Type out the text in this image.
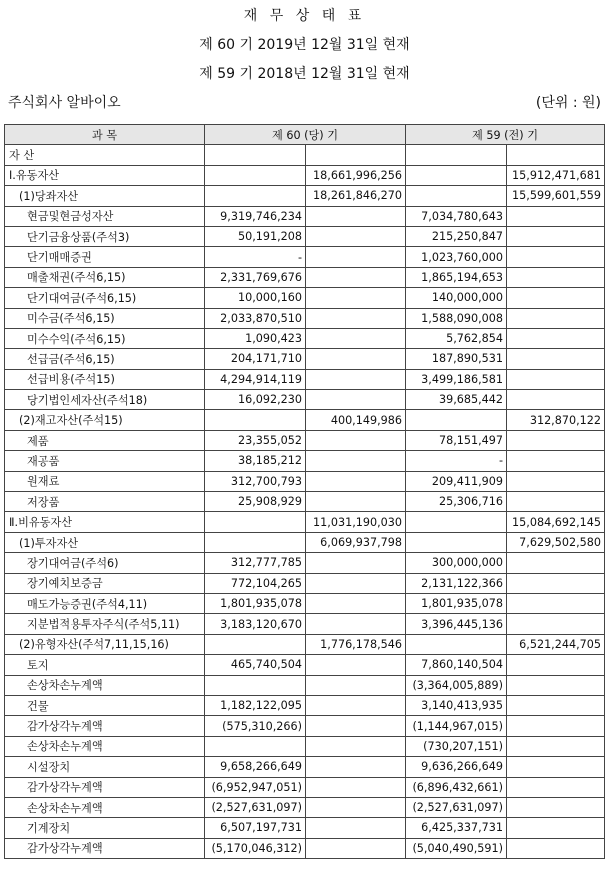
재 무 상 태 표
제 60 기 2019년 12월 31일 현재
제 59 기 2018년 12월 31일 현재
주식회사 알바이오	(단위 : 원)
과 목		제 60 (당) 기		제 59 (전) 기	
자 산					
Ⅰ.유동자산			18,661,996,256		15,912,471,681
(1)당좌자산			18,261,846,270		15,599,601,559
현금및현금성자산		9,319,746,234		7,034,780,643	
단기금융상품(주석3)		50,191,208		215,250,847	
단기매매증권		-		1,023,760,000	
매출채권(주석6,15)		2,331,769,676		1,865,194,653	
단기대여금(주석6,15)		10,000,160		140,000,000	
미수금(주석6,15)		2,033,870,510		1,588,090,008	
미수수익(주석6,15)		1,090,423		5,762,854	
선급금(주석6,15)		204,171,710		187,890,531	
선급비용(주석15)		4,294,914,119		3,499,186,581	
당기법인세자산(주석18)		16,092,230		39,685,442	
(2)재고자산(주석15)			400,149,986		312,870,122
제품		23,355,052		78,151,497	
재공품		38,185,212		-	
원재료		312,700,793		209,411,909	
저장품		25,908,929		25,306,716	
Ⅱ.비유동자산			11,031,190,030		15,084,692,145
(1)투자자산			6,069,937,798		7,629,502,580
장기대여금(주석6)		312,777,785		300,000,000	
장기예치보증금		772,104,265		2,131,122,366	
매도가능증권(주석4,11)		1,801,935,078		1,801,935,078	
지분법적용투자주식(주석5,11)		3,183,120,670		3,396,445,136	
(2)유형자산(주석7,11,15,16)			1,776,178,546		6,521,244,705
토지		465,740,504		7,860,140,504	
손상차손누계액				(3,364,005,889)	
건물		1,182,122,095		3,140,413,935	
감가상각누계액		(575,310,266)		(1,144,967,015)	
손상차손누계액				(730,207,151)	
시설장치		9,658,266,649		9,636,266,649	
감가상각누계액		(6,952,947,051)		(6,896,432,661)	
손상차손누계액		(2,527,631,097)		(2,527,631,097)	
기계장치		6,507,197,731		6,425,337,731	
감가상각누계액		(5,170,046,312)		(5,040,490,591)	
